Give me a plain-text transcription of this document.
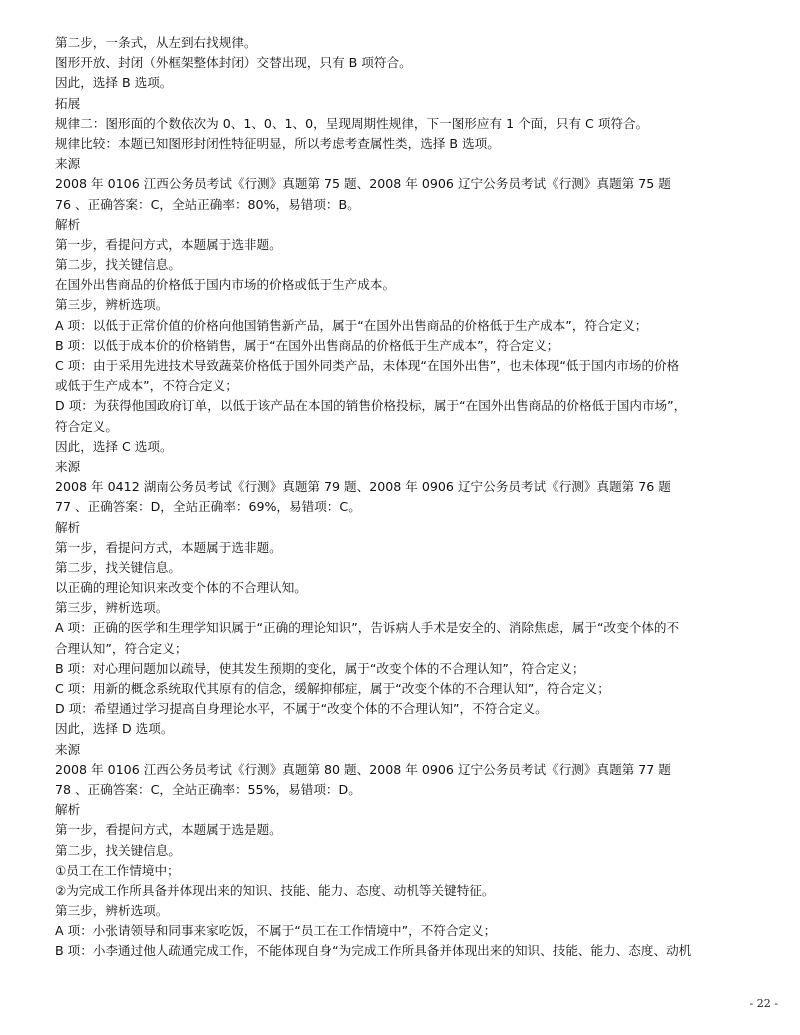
第二步，一条式，从左到右找规律。
图形开放、封闭（外框架整体封闭）交替出现，只有 B 项符合。
因此，选择 B 选项。
拓展
规律二：图形面的个数依次为 0、1、0、1、0，呈现周期性规律，下一图形应有 1 个面，只有 C 项符合。
规律比较：本题已知图形封闭性特征明显，所以考虑考查属性类，选择 B 选项。
来源
2008 年 0106 江西公务员考试《行测》真题第 75 题、2008 年 0906 辽宁公务员考试《行测》真题第 75 题
76 、正确答案：C，全站正确率：80%，易错项：B。
解析
第一步，看提问方式，本题属于选非题。
第二步，找关键信息。
在国外出售商品的价格低于国内市场的价格或低于生产成本。
第三步，辨析选项。
A 项：以低于正常价值的价格向他国销售新产品，属于“在国外出售商品的价格低于生产成本”，符合定义；
B 项：以低于成本价的价格销售，属于“在国外出售商品的价格低于生产成本”，符合定义；
C 项：由于采用先进技术导致蔬菜价格低于国外同类产品，未体现“在国外出售”，也未体现“低于国内市场的价格
或低于生产成本”，不符合定义；
D 项：为获得他国政府订单，以低于该产品在本国的销售价格投标，属于“在国外出售商品的价格低于国内市场”，
符合定义。
因此，选择 C 选项。
来源
2008 年 0412 湖南公务员考试《行测》真题第 79 题、2008 年 0906 辽宁公务员考试《行测》真题第 76 题
77 、正确答案：D，全站正确率：69%，易错项：C。
解析
第一步，看提问方式，本题属于选非题。
第二步，找关键信息。
以正确的理论知识来改变个体的不合理认知。
第三步，辨析选项。
A 项：正确的医学和生理学知识属于“正确的理论知识”，告诉病人手术是安全的、消除焦虑，属于“改变个体的不
合理认知”，符合定义；
B 项：对心理问题加以疏导，使其发生预期的变化，属于“改变个体的不合理认知”，符合定义；
C 项：用新的概念系统取代其原有的信念，缓解抑郁症，属于“改变个体的不合理认知”，符合定义；
D 项：希望通过学习提高自身理论水平，不属于“改变个体的不合理认知”，不符合定义。
因此，选择 D 选项。
来源
2008 年 0106 江西公务员考试《行测》真题第 80 题、2008 年 0906 辽宁公务员考试《行测》真题第 77 题
78 、正确答案：C，全站正确率：55%，易错项：D。
解析
第一步，看提问方式，本题属于选是题。
第二步，找关键信息。
①员工在工作情境中；
②为完成工作所具备并体现出来的知识、技能、能力、态度、动机等关键特征。
第三步，辨析选项。
A 项：小张请领导和同事来家吃饭，不属于“员工在工作情境中”，不符合定义；
B 项：小李通过他人疏通完成工作，不能体现自身“为完成工作所具备并体现出来的知识、技能、能力、态度、动机
- 22 -
